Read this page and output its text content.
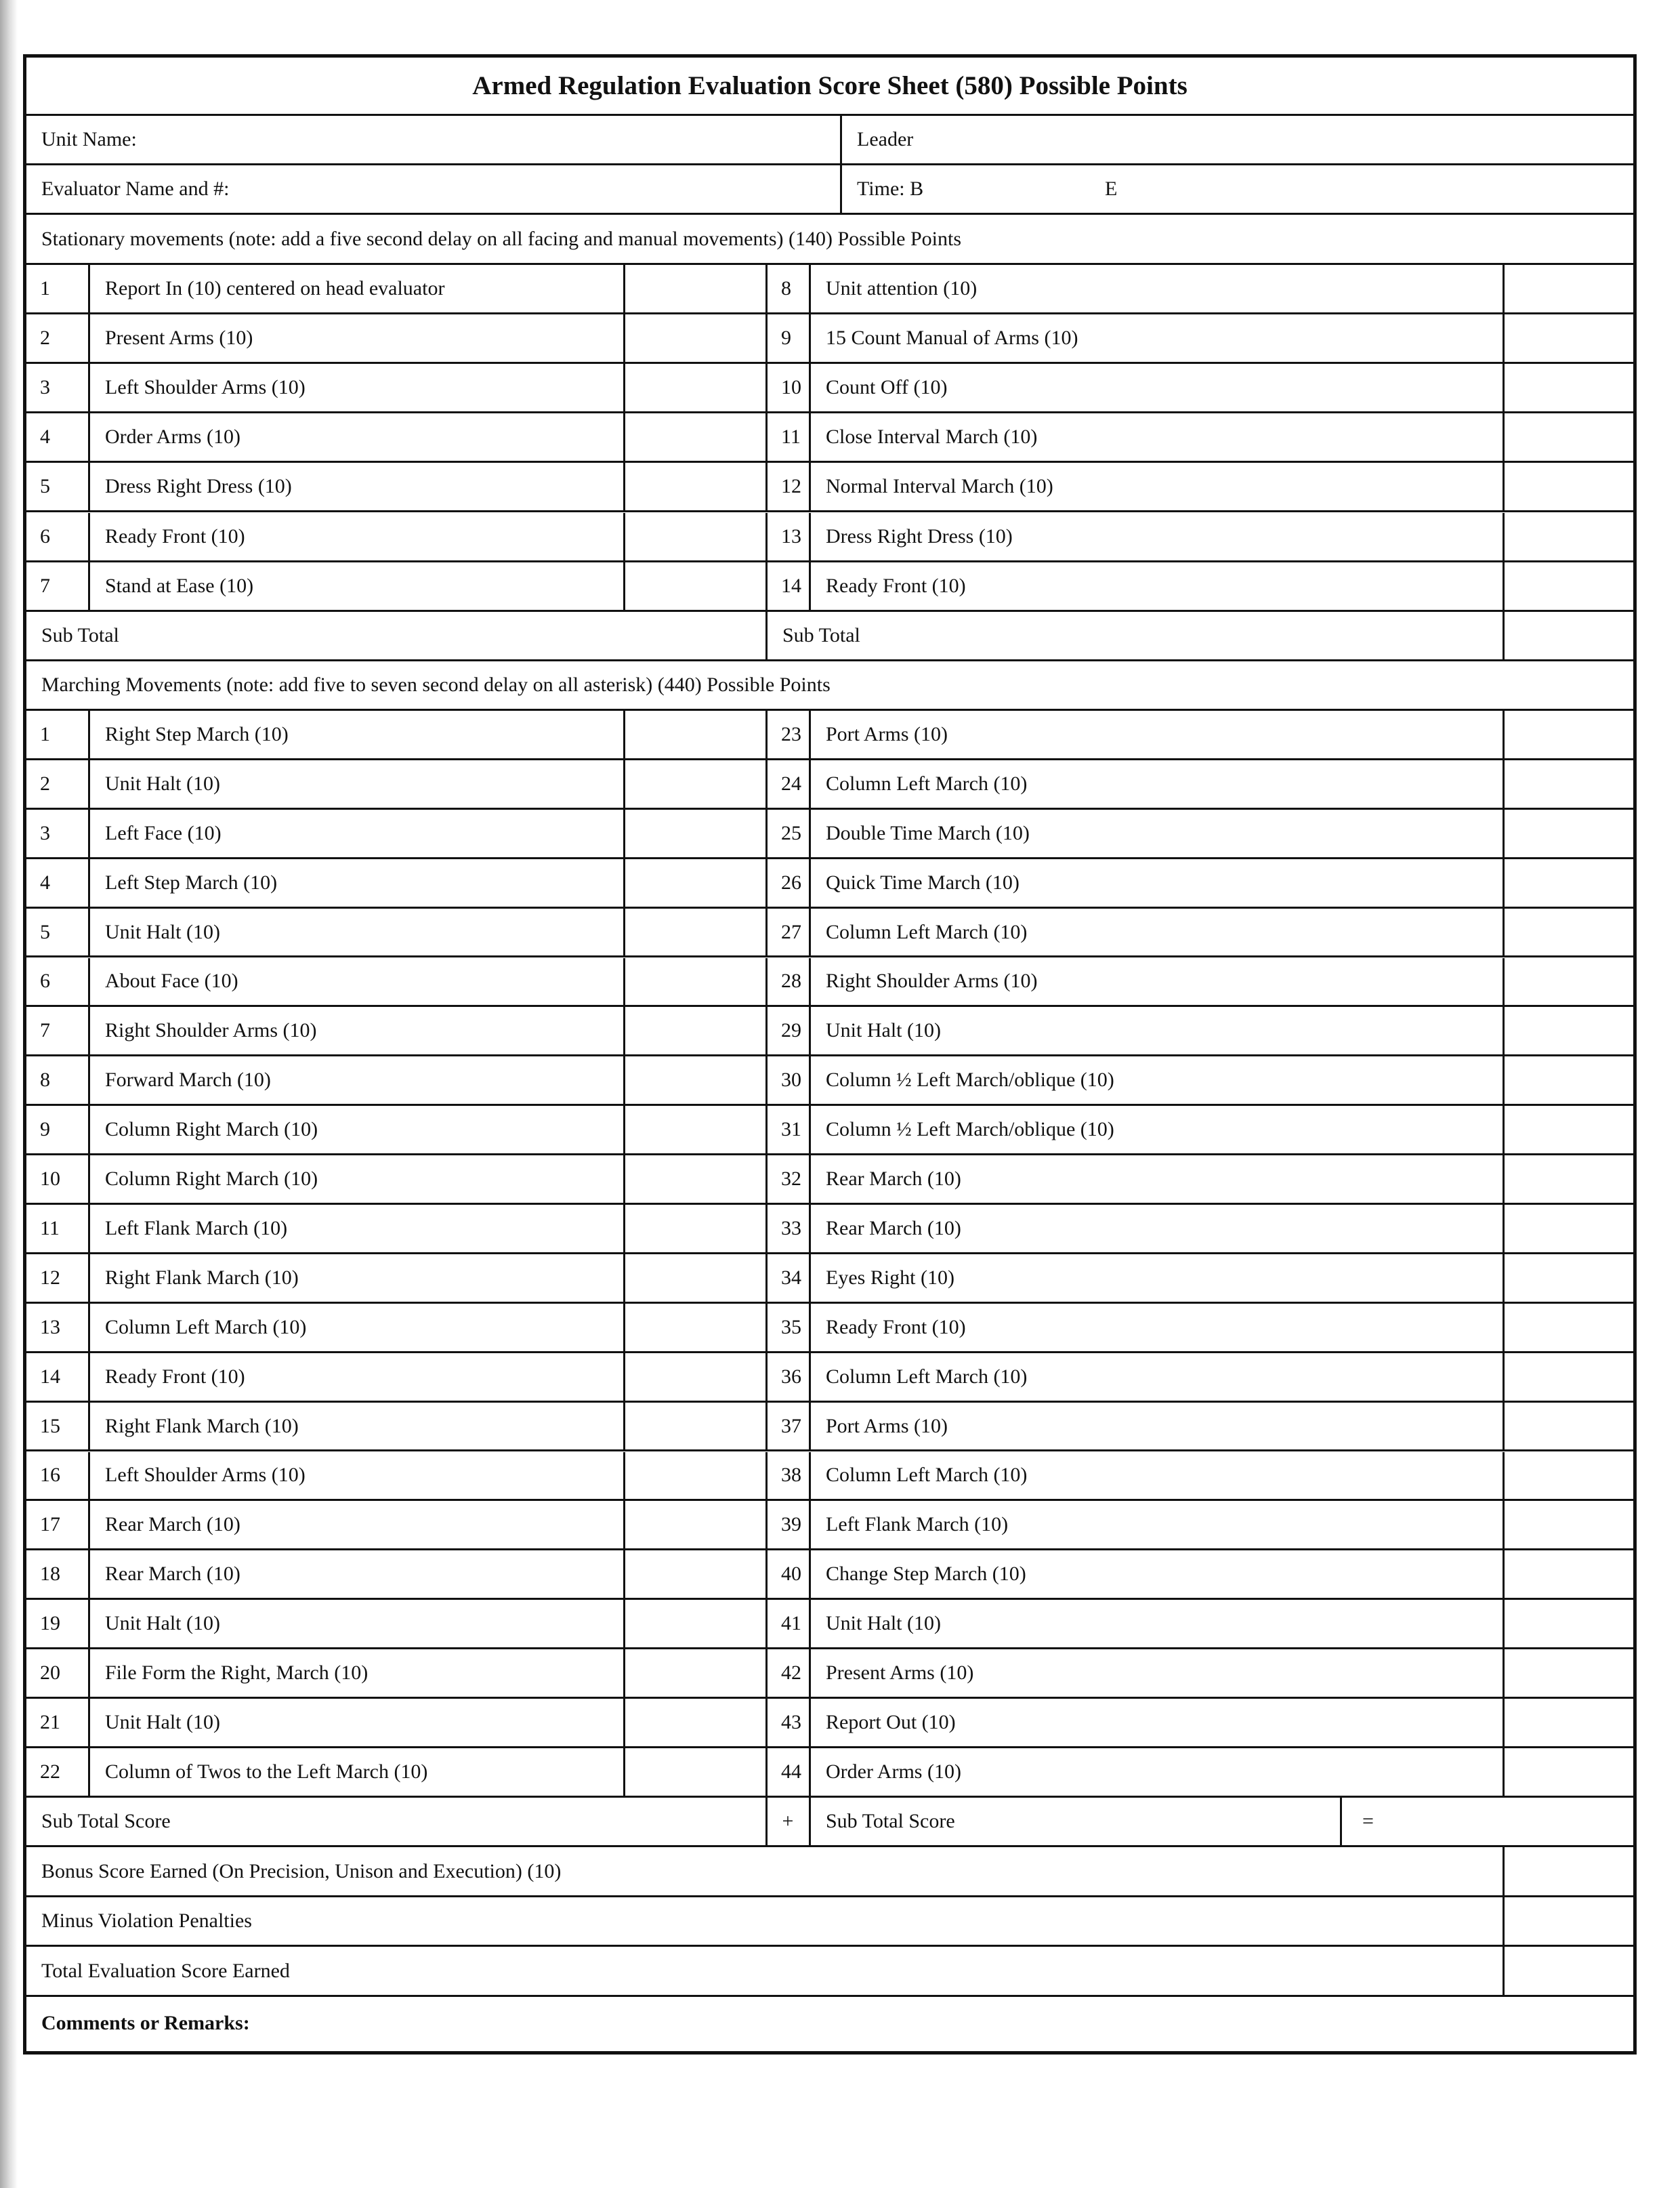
Armed Regulation Evaluation Score Sheet (580) Possible Points
Unit Name:	Leader
Evaluator Name and #:	Time: B	E
Stationary movements (note: add a five second delay on all facing and manual movements) (140) Possible Points
1	Report In (10) centered on head evaluator	8	Unit attention (10)
2	Present Arms (10)	9	15 Count Manual of Arms (10)
3	Left Shoulder Arms (10)	10	Count Off (10)
4	Order Arms (10)	11	Close Interval March (10)
5	Dress Right Dress (10)	12	Normal Interval March (10)
6	Ready Front (10)	13	Dress Right Dress (10)
7	Stand at Ease (10)	14	Ready Front (10)
Sub Total	Sub Total
Marching Movements (note: add five to seven second delay on all asterisk) (440) Possible Points
1	Right Step March (10)	23	Port Arms (10)
2	Unit Halt (10)	24	Column Left March (10)
3	Left Face (10)	25	Double Time March (10)
4	Left Step March (10)	26	Quick Time March (10)
5	Unit Halt (10)	27	Column Left March (10)
6	About Face (10)	28	Right Shoulder Arms (10)
7	Right Shoulder Arms (10)	29	Unit Halt (10)
8	Forward March (10)	30	Column ½ Left March/oblique (10)
9	Column Right March (10)	31	Column ½ Left March/oblique (10)
10	Column Right March (10)	32	Rear March (10)
11	Left Flank March (10)	33	Rear March (10)
12	Right Flank March (10)	34	Eyes Right (10)
13	Column Left March (10)	35	Ready Front (10)
14	Ready Front (10)	36	Column Left March (10)
15	Right Flank March (10)	37	Port Arms (10)
16	Left Shoulder Arms (10)	38	Column Left March (10)
17	Rear March (10)	39	Left Flank March (10)
18	Rear March (10)	40	Change Step March (10)
19	Unit Halt (10)	41	Unit Halt (10)
20	File Form the Right, March (10)	42	Present Arms (10)
21	Unit Halt (10)	43	Report Out (10)
22	Column of Twos to the Left March (10)	44	Order Arms (10)
Sub Total Score	+	Sub Total Score	=
Bonus Score Earned (On Precision, Unison and Execution) (10)
Minus Violation Penalties
Total Evaluation Score Earned
Comments or Remarks:
